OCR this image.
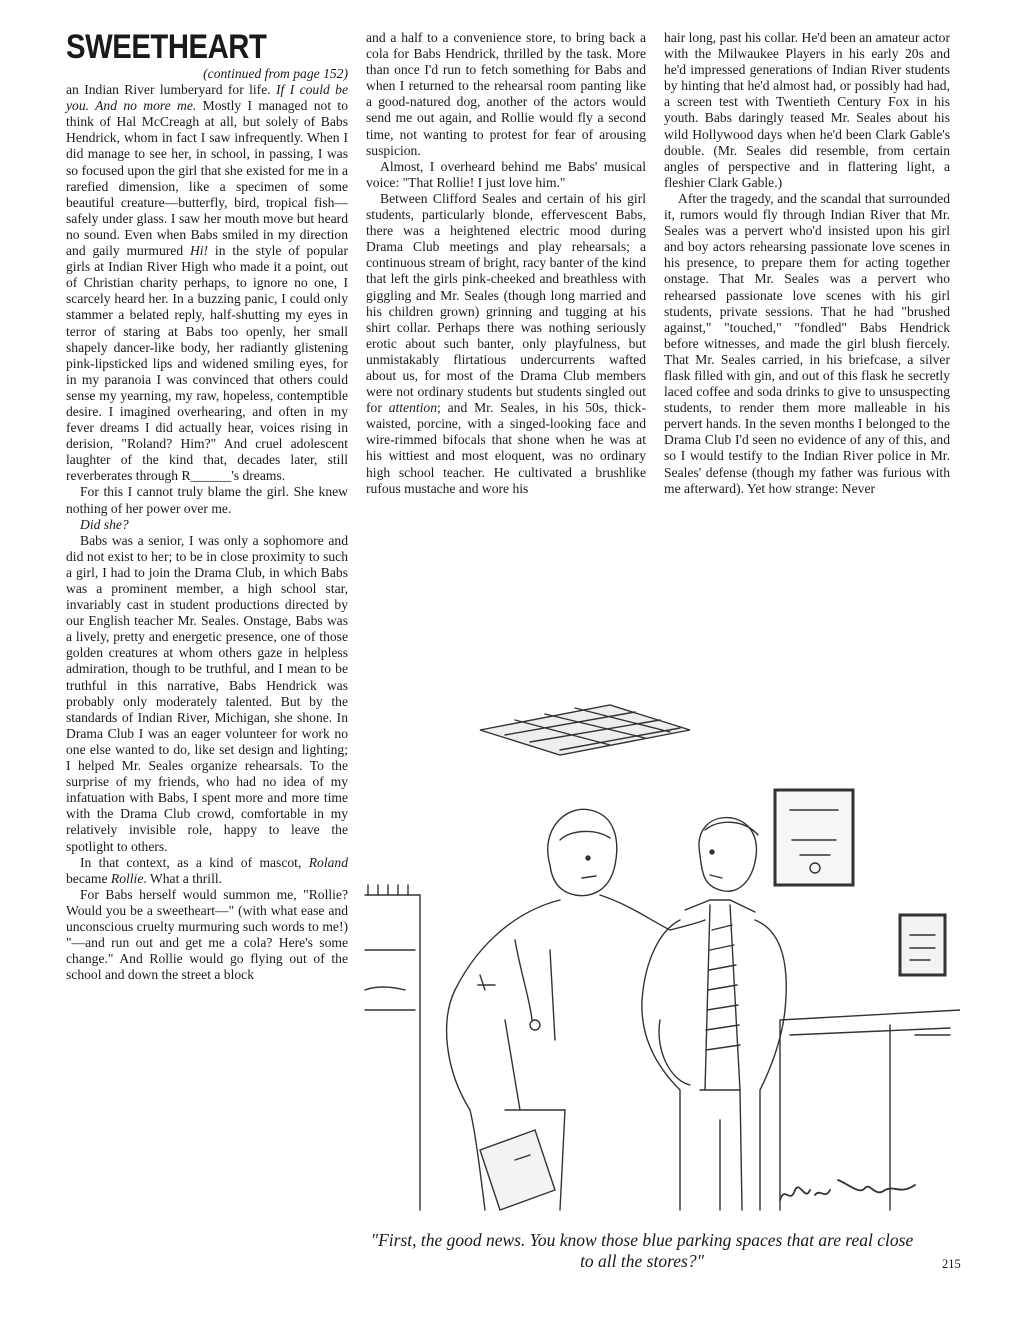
SWEETHEART

(continued from page 152)

an Indian River lumberyard for life. If I could be you. And no more me. Mostly I managed not to think of Hal McCreagh at all, but solely of Babs Hendrick, whom in fact I saw infrequently. When I did manage to see her, in school, in passing, I was so focused upon the girl that she existed for me in a rarefied dimension, like a specimen of some beautiful creature—butterfly, bird, tropical fish—safely under glass. I saw her mouth move but heard no sound. Even when Babs smiled in my direction and gaily murmured Hi! in the style of popular girls at Indian River High who made it a point, out of Christian charity perhaps, to ignore no one, I scarcely heard her. In a buzzing panic, I could only stammer a belated reply, half-shutting my eyes in terror of staring at Babs too openly, her small shapely dancer-like body, her radiantly glistening pink-lipsticked lips and widened smiling eyes, for in my paranoia I was convinced that others could sense my yearning, my raw, hopeless, contemptible desire. I imagined overhearing, and often in my fever dreams I did actually hear, voices rising in derision, "Roland? Him?" And cruel adolescent laughter of the kind that, decades later, still reverberates through R______'s dreams.

For this I cannot truly blame the girl. She knew nothing of her power over me.

Did she?

Babs was a senior, I was only a sophomore and did not exist to her; to be in close proximity to such a girl, I had to join the Drama Club, in which Babs was a prominent member, a high school star, invariably cast in student productions directed by our English teacher Mr. Seales. Onstage, Babs was a lively, pretty and energetic presence, one of those golden creatures at whom others gaze in helpless admiration, though to be truthful, and I mean to be truthful in this narrative, Babs Hendrick was probably only moderately talented. But by the standards of Indian River, Michigan, she shone. In Drama Club I was an eager volunteer for work no one else wanted to do, like set design and lighting; I helped Mr. Seales organize rehearsals. To the surprise of my friends, who had no idea of my infatuation with Babs, I spent more and more time with the Drama Club crowd, comfortable in my relatively invisible role, happy to leave the spotlight to others.

In that context, as a kind of mascot, Roland became Rollie. What a thrill.

For Babs herself would summon me, "Rollie? Would you be a sweetheart—" (with what ease and unconscious cruelty murmuring such words to me!) "—and run out and get me a cola? Here's some change." And Rollie would go flying out of the school and down the street a block

and a half to a convenience store, to bring back a cola for Babs Hendrick, thrilled by the task. More than once I'd run to fetch something for Babs and when I returned to the rehearsal room panting like a good-natured dog, another of the actors would send me out again, and Rollie would fly a second time, not wanting to protest for fear of arousing suspicion.

Almost, I overheard behind me Babs' musical voice: "That Rollie! I just love him."

Between Clifford Seales and certain of his girl students, particularly blonde, effervescent Babs, there was a heightened electric mood during Drama Club meetings and play rehearsals; a continuous stream of bright, racy banter of the kind that left the girls pink-cheeked and breathless with giggling and Mr. Seales (though long married and his children grown) grinning and tugging at his shirt collar. Perhaps there was nothing seriously erotic about such banter, only playfulness, but unmistakably flirtatious undercurrents wafted about us, for most of the Drama Club members were not ordinary students but students singled out for attention; and Mr. Seales, in his 50s, thick-waisted, porcine, with a singed-looking face and wire-rimmed bifocals that shone when he was at his wittiest and most eloquent, was no ordinary high school teacher. He cultivated a brushlike rufous mustache and wore his

hair long, past his collar. He'd been an amateur actor with the Milwaukee Players in his early 20s and he'd impressed generations of Indian River students by hinting that he'd almost had, or possibly had had, a screen test with Twentieth Century Fox in his youth. Babs daringly teased Mr. Seales about his wild Hollywood days when he'd been Clark Gable's double. (Mr. Seales did resemble, from certain angles of perspective and in flattering light, a fleshier Clark Gable.)

After the tragedy, and the scandal that surrounded it, rumors would fly through Indian River that Mr. Seales was a pervert who'd insisted upon his girl and boy actors rehearsing passionate love scenes in his presence, to prepare them for acting together onstage. That Mr. Seales was a pervert who rehearsed passionate love scenes with his girl students, private sessions. That he had "brushed against," "touched," "fondled" Babs Hendrick before witnesses, and made the girl blush fiercely. That Mr. Seales carried, in his briefcase, a silver flask filled with gin, and out of this flask he secretly laced coffee and soda drinks to give to unsuspecting students, to render them more malleable in his pervert hands. In the seven months I belonged to the Drama Club I'd seen no evidence of any of this, and so I would testify to the Indian River police in Mr. Seales' defense (though my father was furious with me afterward). Yet how strange: Never

"First, the good news. You know those blue parking spaces that are real close to all the stores?"	215
